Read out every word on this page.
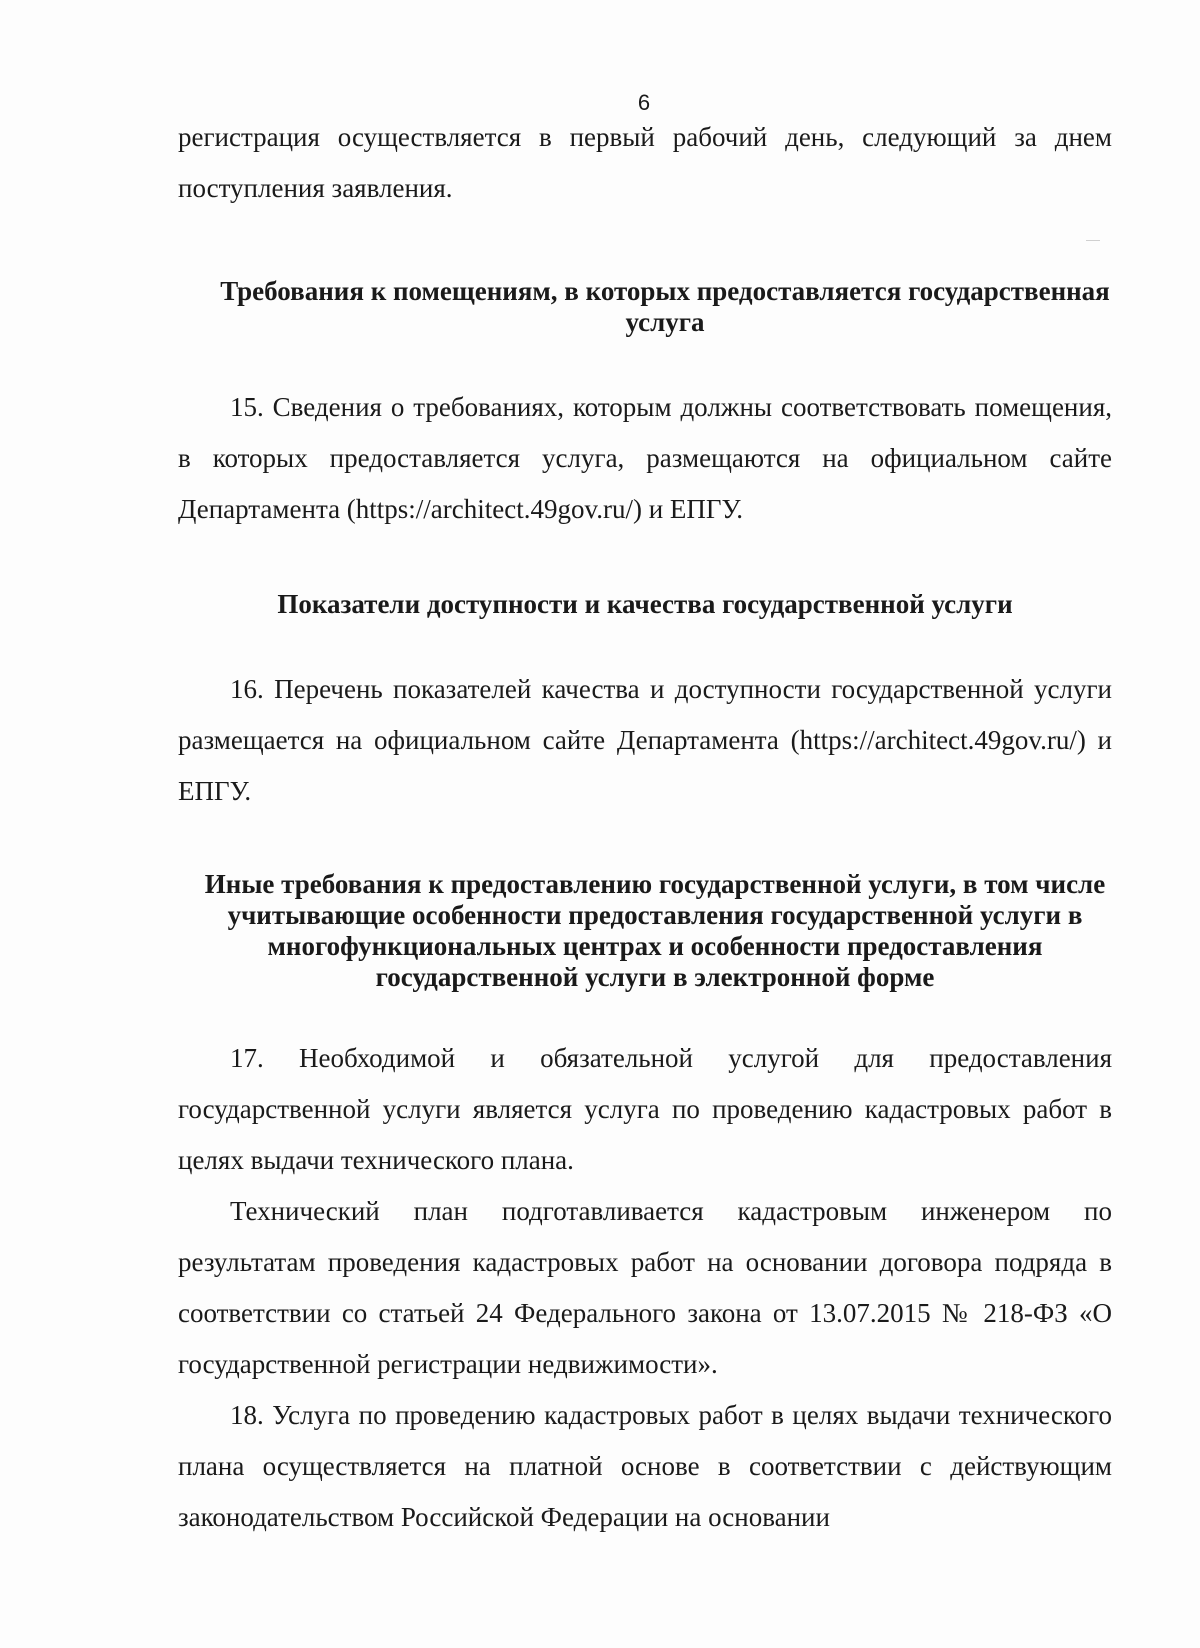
6

регистрация осуществляется в первый рабочий день, следующий за днем поступления заявления.

Требования к помещениям, в которых предоставляется государственная услуга

15. Сведения о требованиях, которым должны соответствовать помещения, в которых предоставляется услуга, размещаются на официальном сайте Департамента (https://architect.49gov.ru/) и ЕПГУ.

Показатели доступности и качества государственной услуги

16. Перечень показателей качества и доступности государственной услуги размещается на официальном сайте Департамента (https://architect.49gov.ru/) и ЕПГУ.

Иные требования к предоставлению государственной услуги, в том числе учитывающие особенности предоставления государственной услуги в многофункциональных центрах и особенности предоставления государственной услуги в электронной форме

17. Необходимой и обязательной услугой для предоставления государственной услуги является услуга по проведению кадастровых работ в целях выдачи технического плана.

Технический план подготавливается кадастровым инженером по результатам проведения кадастровых работ на основании договора подряда в соответствии со статьей 24 Федерального закона от 13.07.2015 № 218-ФЗ «О государственной регистрации недвижимости».

18. Услуга по проведению кадастровых работ в целях выдачи технического плана осуществляется на платной основе в соответствии с действующим законодательством Российской Федерации на основании
